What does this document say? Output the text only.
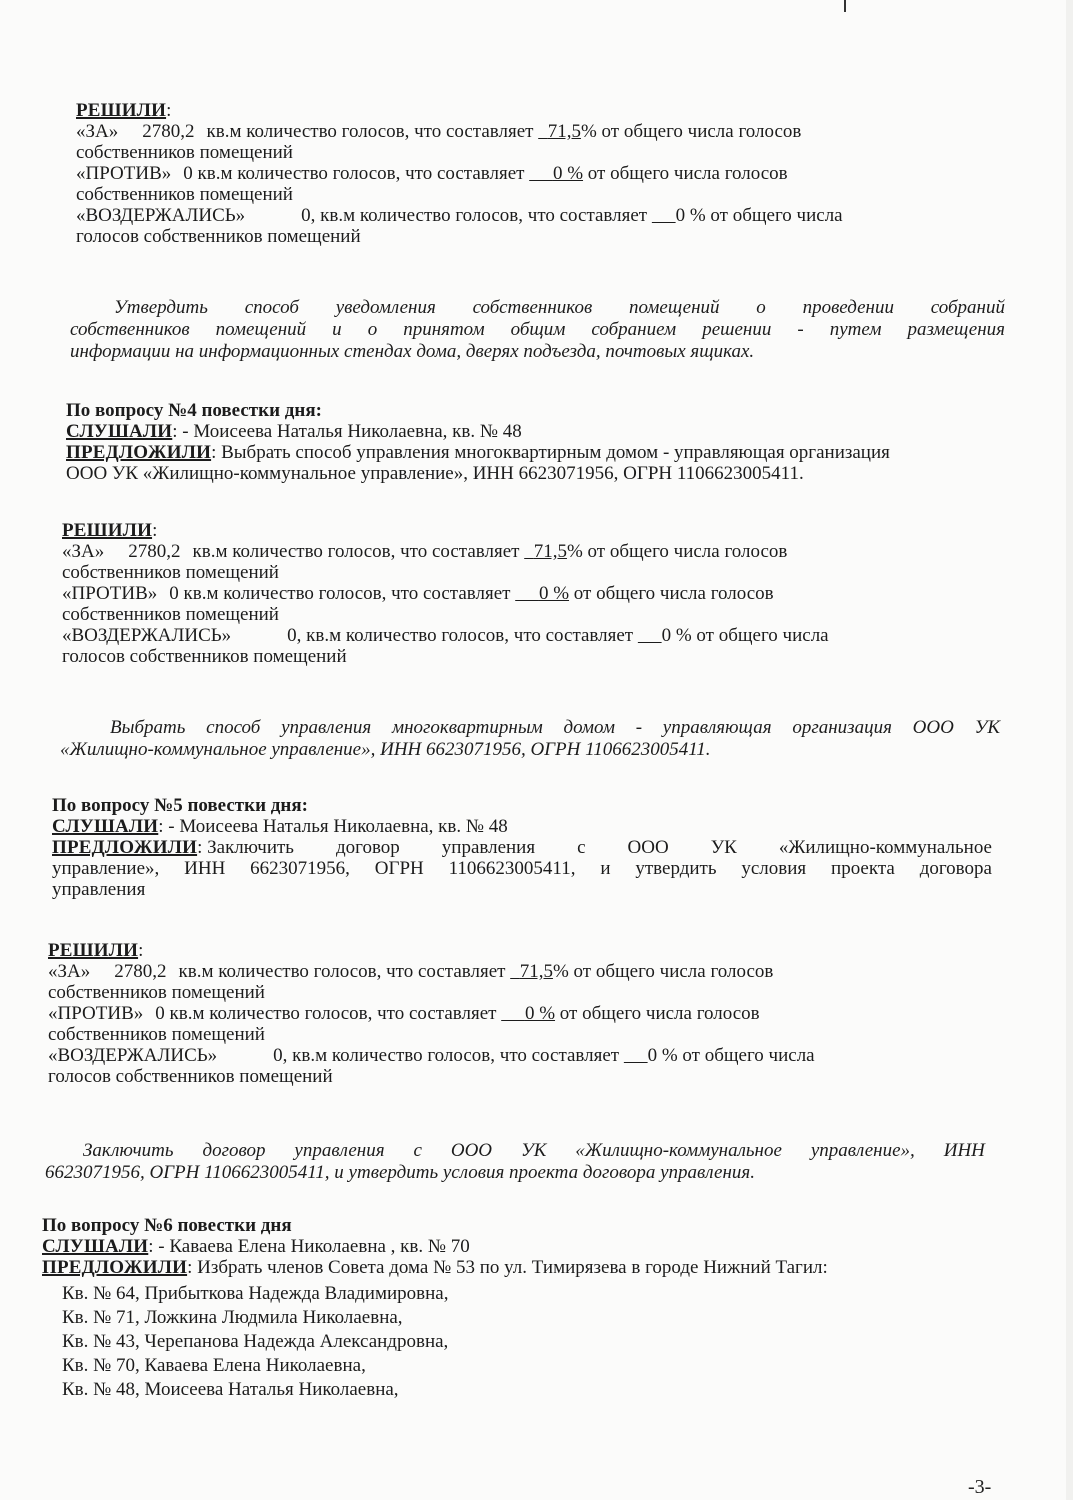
РЕШИЛИ:
«ЗА» 2780,2 кв.м количество голосов, что составляет 71,5% от общего числа голосов
собственников помещений
«ПРОТИВ» 0 кв.м количество голосов, что составляет 0 % от общего числа голосов
собственников помещений
«ВОЗДЕРЖАЛИСЬ»	0, кв.м количество голосов, что составляет 0 % от общего числа
голосов собственников помещений
Утвердить способ уведомления собственников помещений о проведении собраний
собственников помещений и о принятом общим собранием решении - путем размещения
информации на информационных стендах дома, дверях подъезда, почтовых ящиках.
По вопросу №4 повестки дня:
СЛУШАЛИ: - Моисеева Наталья Николаевна, кв. № 48
ПРЕДЛОЖИЛИ: Выбрать способ управления многоквартирным домом - управляющая организация
ООО УК «Жилищно-коммунальное управление», ИНН 6623071956, ОГРН 1106623005411.
РЕШИЛИ:
«ЗА» 2780,2 кв.м количество голосов, что составляет 71,5% от общего числа голосов
собственников помещений
«ПРОТИВ» 0 кв.м количество голосов, что составляет 0 % от общего числа голосов
собственников помещений
«ВОЗДЕРЖАЛИСЬ»	0, кв.м количество голосов, что составляет 0 % от общего числа
голосов собственников помещений
Выбрать способ управления многоквартирным домом - управляющая организация ООО УК
«Жилищно-коммунальное управление», ИНН 6623071956, ОГРН 1106623005411.
По вопросу №5 повестки дня:
СЛУШАЛИ: - Моисеева Наталья Николаевна, кв. № 48
ПРЕДЛОЖИЛИ: Заключить договор управления с ООО УК «Жилищно-коммунальное
управление», ИНН 6623071956, ОГРН 1106623005411, и утвердить условия проекта договора
управления
РЕШИЛИ:
«ЗА» 2780,2 кв.м количество голосов, что составляет 71,5% от общего числа голосов
собственников помещений
«ПРОТИВ» 0 кв.м количество голосов, что составляет 0 % от общего числа голосов
собственников помещений
«ВОЗДЕРЖАЛИСЬ»	0, кв.м количество голосов, что составляет 0 % от общего числа
голосов собственников помещений
Заключить договор управления с ООО УК «Жилищно-коммунальное управление», ИНН
6623071956, ОГРН 1106623005411, и утвердить условия проекта договора управления.
По вопросу №6 повестки дня
СЛУШАЛИ: - Каваева Елена Николаевна , кв. № 70
ПРЕДЛОЖИЛИ: Избрать членов Совета дома № 53 по ул. Тимирязева в городе Нижний Тагил:
Кв. № 64, Прибыткова Надежда Владимировна,
Кв. № 71, Ложкина Людмила Николаевна,
Кв. № 43, Черепанова Надежда Александровна,
Кв. № 70, Каваева Елена Николаевна,
Кв. № 48, Моисеева Наталья Николаевна,
-3-
